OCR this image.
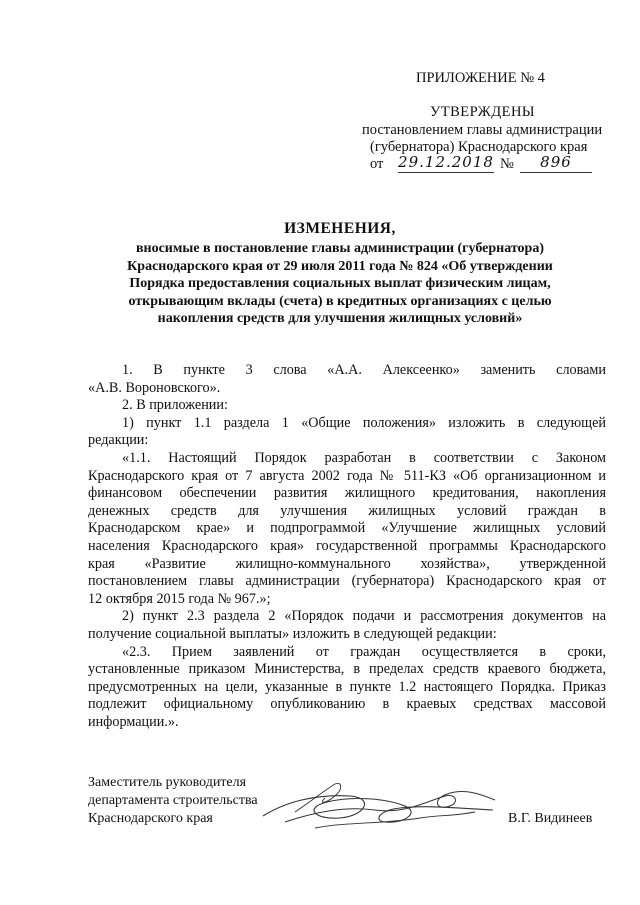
ПРИЛОЖЕНИЕ № 4
УТВЕРЖДЕНЫ
постановлением главы администрации
(губернатора) Краснодарского края
от 29.12.2018 №	896
ИЗМЕНЕНИЯ,
вносимые в постановление главы администрации (губернатора)
Краснодарского края от 29 июля 2011 года № 824 «Об утверждении
Порядка предоставления социальных выплат физическим лицам,
открывающим вклады (счета) в кредитных организациях с целью
накопления средств для улучшения жилищных условий»

1. В пункте 3 слова «А.А. Алексеенко» заменить словами

«А.В. Вороновского».

2. В приложении:

1) пункт 1.1 раздела 1 «Общие положения» изложить в следующей

редакции:

«1.1. Настоящий Порядок разработан в соответствии с Законом

Краснодарского края от 7 августа 2002 года № 511-КЗ «Об организационном и

финансовом обеспечении развития жилищного кредитования, накопления

денежных средств для улучшения жилищных условий граждан в

Краснодарском крае» и подпрограммой «Улучшение жилищных условий

населения Краснодарского края» государственной программы Краснодарского

края «Развитие жилищно-коммунального хозяйства», утвержденной

постановлением главы администрации (губернатора) Краснодарского края от

12 октября 2015 года № 967.»;

2) пункт 2.3 раздела 2 «Порядок подачи и рассмотрения документов на

получение социальной выплаты» изложить в следующей редакции:

«2.3. Прием заявлений от граждан осуществляется в сроки,

установленные приказом Министерства, в пределах средств краевого бюджета,

предусмотренных на цели, указанные в пункте 1.2 настоящего Порядка. Приказ

подлежит официальному опубликованию в краевых средствах массовой

информации.».

Заместитель руководителя
департамента строительства
Краснодарского края	В.Г. Видинеев
